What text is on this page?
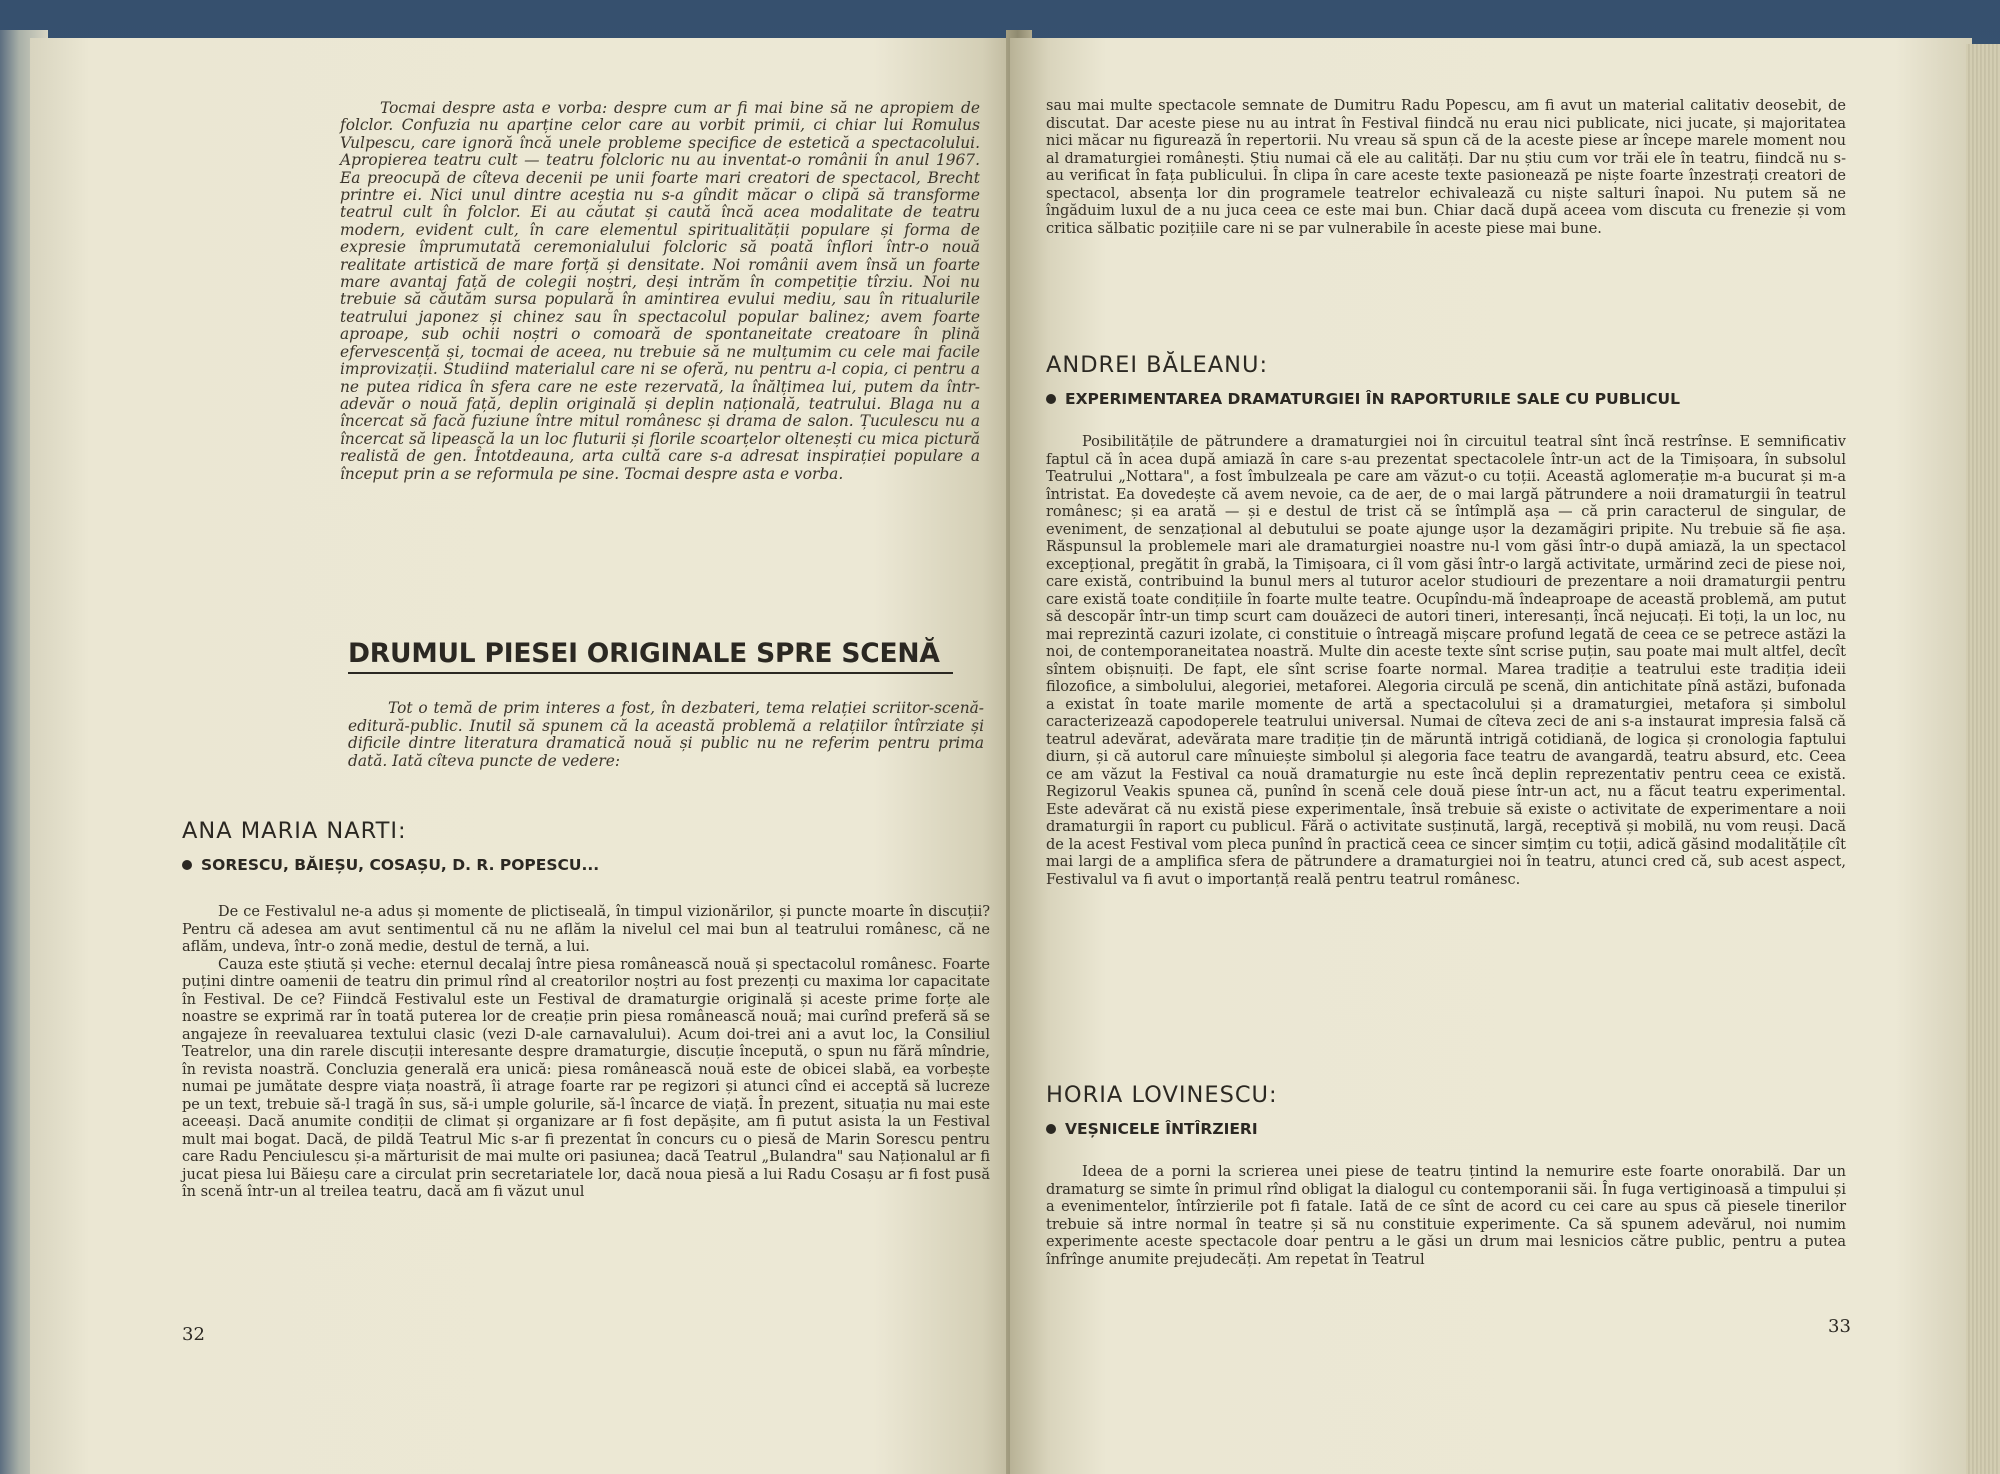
Tocmai despre asta e vorba: despre cum ar fi mai bine să ne apropiem de folclor. Confuzia nu aparține celor care au vorbit primii, ci chiar lui Romulus Vulpescu, care ignoră încă unele probleme specifice de estetică a spectacolului. Apropierea teatru cult — teatru folcloric nu au inventat-o românii în anul 1967. Ea preocupă de cîteva decenii pe unii foarte mari creatori de spectacol, Brecht printre ei. Nici unul dintre aceștia nu s-a gîndit măcar o clipă să transforme teatrul cult în folclor. Ei au căutat și caută încă acea modalitate de teatru modern, evident cult, în care elementul spiritualității populare și forma de expresie împrumutată ceremonialului folcloric să poată înflori într-o nouă realitate artistică de mare forță și densitate. Noi românii avem însă un foarte mare avantaj față de colegii noștri, deși intrăm în competiție tîrziu. Noi nu trebuie să căutăm sursa populară în amintirea evului mediu, sau în ritualurile teatrului japonez și chinez sau în spectacolul popular balinez; avem foarte aproape, sub ochii noștri o comoară de spontaneitate creatoare în plină efervescență și, tocmai de aceea, nu trebuie să ne mulțumim cu cele mai facile improvizații. Studiind materialul care ni se oferă, nu pentru a-l copia, ci pentru a ne putea ridica în sfera care ne este rezervată, la înălțimea lui, putem da într-adevăr o nouă față, deplin originală și deplin națională, teatrului. Blaga nu a încercat să facă fuziune între mitul românesc și drama de salon. Țuculescu nu a încercat să lipească la un loc fluturii și florile scoarțelor oltenești cu mica pictură realistă de gen. Întotdeauna, arta cultă care s-a adresat inspirației populare a început prin a se reformula pe sine. Tocmai despre asta e vorba.
DRUMUL PIESEI ORIGINALE SPRE SCENĂ
Tot o temă de prim interes a fost, în dezbateri, tema relației scriitor-scenă-editură-public. Inutil să spunem că la această problemă a relațiilor întîrziate și dificile dintre literatura dramatică nouă și public nu ne referim pentru prima dată. Iată cîteva puncte de vedere:
ANA MARIA NARTI:
SORESCU, BĂIEȘU, COSAȘU, D. R. POPESCU...

De ce Festivalul ne-a adus și momente de plictiseală, în timpul vizionărilor, și puncte moarte în discuții? Pentru că adesea am avut sentimentul că nu ne aflăm la nivelul cel mai bun al teatrului românesc, că ne aflăm, undeva, într-o zonă medie, destul de ternă, a lui.

Cauza este știută și veche: eternul decalaj între piesa românească nouă și spectacolul românesc. Foarte puțini dintre oamenii de teatru din primul rînd al creatorilor noștri au fost prezenți cu maxima lor capacitate în Festival. De ce? Fiindcă Festivalul este un Festival de dramaturgie originală și aceste prime forțe ale noastre se exprimă rar în toată puterea lor de creație prin piesa românească nouă; mai curînd preferă să se angajeze în reevaluarea textului clasic (vezi D-ale carnavalului). Acum doi-trei ani a avut loc, la Consiliul Teatrelor, una din rarele discuții interesante despre dramaturgie, discuție începută, o spun nu fără mîndrie, în revista noastră. Concluzia generală era unică: piesa românească nouă este de obicei slabă, ea vorbește numai pe jumătate despre viața noastră, îi atrage foarte rar pe regizori și atunci cînd ei acceptă să lucreze pe un text, trebuie să-l tragă în sus, să-i umple golurile, să-l încarce de viață. În prezent, situația nu mai este aceeași. Dacă anumite condiții de climat și organizare ar fi fost depășite, am fi putut asista la un Festival mult mai bogat. Dacă, de pildă Teatrul Mic s-ar fi prezentat în concurs cu o piesă de Marin Sorescu pentru care Radu Penciulescu și-a mărturisit de mai multe ori pasiunea; dacă Teatrul „Bulandra" sau Naționalul ar fi jucat piesa lui Băieșu care a circulat prin secretariatele lor, dacă noua piesă a lui Radu Cosașu ar fi fost pusă în scenă într-un al treilea teatru, dacă am fi văzut unul

32

sau mai multe spectacole semnate de Dumitru Radu Popescu, am fi avut un material calitativ deosebit, de discutat. Dar aceste piese nu au intrat în Festival fiindcă nu erau nici publicate, nici jucate, și majoritatea nici măcar nu figurează în repertorii. Nu vreau să spun că de la aceste piese ar începe marele moment nou al dramaturgiei românești. Știu numai că ele au calități. Dar nu știu cum vor trăi ele în teatru, fiindcă nu s-au verificat în fața publicului. În clipa în care aceste texte pasionează pe niște foarte înzestrați creatori de spectacol, absența lor din programele teatrelor echivalează cu niște salturi înapoi. Nu putem să ne îngăduim luxul de a nu juca ceea ce este mai bun. Chiar dacă după aceea vom discuta cu frenezie și vom critica sălbatic pozițiile care ni se par vulnerabile în aceste piese mai bune.

ANDREI BĂLEANU:
EXPERIMENTAREA DRAMATURGIEI ÎN RAPORTURILE SALE CU PUBLICUL

Posibilitățile de pătrundere a dramaturgiei noi în circuitul teatral sînt încă restrînse. E semnificativ faptul că în acea după amiază în care s-au prezentat spectacolele într-un act de la Timișoara, în subsolul Teatrului „Nottara", a fost îmbulzeala pe care am văzut-o cu toții. Această aglomerație m-a bucurat și m-a întristat. Ea dovedește că avem nevoie, ca de aer, de o mai largă pătrundere a noii dramaturgii în teatrul românesc; și ea arată — și e destul de trist că se întîmplă așa — că prin caracterul de singular, de eveniment, de senzațional al debutului se poate ajunge ușor la dezamăgiri pripite. Nu trebuie să fie așa. Răspunsul la problemele mari ale dramaturgiei noastre nu-l vom găsi într-o după amiază, la un spectacol excepțional, pregătit în grabă, la Timișoara, ci îl vom găsi într-o largă activitate, urmărind zeci de piese noi, care există, contribuind la bunul mers al tuturor acelor studiouri de prezentare a noii dramaturgii pentru care există toate condițiile în foarte multe teatre. Ocupîndu-mă îndeaproape de această problemă, am putut să descopăr într-un timp scurt cam douăzeci de autori tineri, interesanți, încă nejucați. Ei toți, la un loc, nu mai reprezintă cazuri izolate, ci constituie o întreagă mișcare profund legată de ceea ce se petrece astăzi la noi, de contemporaneitatea noastră. Multe din aceste texte sînt scrise puțin, sau poate mai mult altfel, decît sîntem obișnuiți. De fapt, ele sînt scrise foarte normal. Marea tradiție a teatrului este tradiția ideii filozofice, a simbolului, alegoriei, metaforei. Alegoria circulă pe scenă, din antichitate pînă astăzi, bufonada a existat în toate marile momente de artă a spectacolului și a dramaturgiei, metafora și simbolul caracterizează capodoperele teatrului universal. Numai de cîteva zeci de ani s-a instaurat impresia falsă că teatrul adevărat, adevărata mare tradiție țin de măruntă intrigă cotidiană, de logica și cronologia faptului diurn, și că autorul care mînuiește simbolul și alegoria face teatru de avangardă, teatru absurd, etc. Ceea ce am văzut la Festival ca nouă dramaturgie nu este încă deplin reprezentativ pentru ceea ce există. Regizorul Veakis spunea că, punînd în scenă cele două piese într-un act, nu a făcut teatru experimental. Este adevărat că nu există piese experimentale, însă trebuie să existe o activitate de experimentare a noii dramaturgii în raport cu publicul. Fără o activitate susținută, largă, receptivă și mobilă, nu vom reuși. Dacă de la acest Festival vom pleca punînd în practică ceea ce sincer simțim cu toții, adică găsind modalitățile cît mai largi de a amplifica sfera de pătrundere a dramaturgiei noi în teatru, atunci cred că, sub acest aspect, Festivalul va fi avut o importanță reală pentru teatrul românesc.

HORIA LOVINESCU:
VEȘNICELE ÎNTÎRZIERI

Ideea de a porni la scrierea unei piese de teatru țintind la nemurire este foarte onorabilă. Dar un dramaturg se simte în primul rînd obligat la dialogul cu contemporanii săi. În fuga vertiginoasă a timpului și a evenimentelor, întîrzierile pot fi fatale. Iată de ce sînt de acord cu cei care au spus că piesele tinerilor trebuie să intre normal în teatre și să nu constituie experimente. Ca să spunem adevărul, noi numim experimente aceste spectacole doar pentru a le găsi un drum mai lesnicios către public, pentru a putea înfrînge anumite prejudecăți. Am repetat în Teatrul

33
